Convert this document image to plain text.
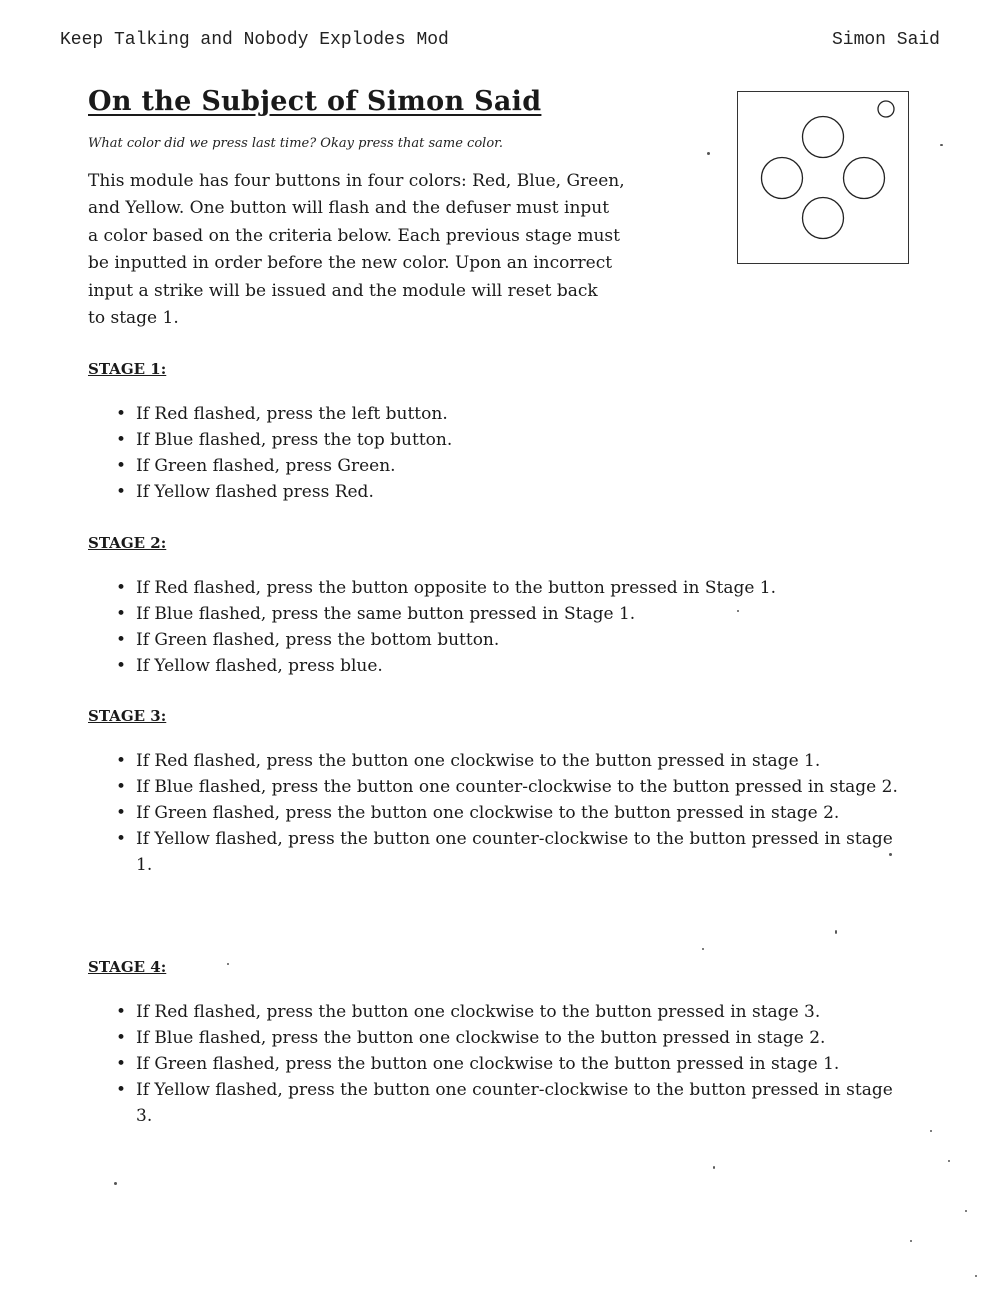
Keep Talking and Nobody Explodes Mod	Simon Said
On the Subject of Simon Said
What color did we press last time? Okay press that same color.
This module has four buttons in four colors: Red, Blue, Green,
and Yellow. One button will flash and the defuser must input
a color based on the criteria below. Each previous stage must
be inputted in order before the new color. Upon an incorrect
input a strike will be issued and the module will reset back
to stage 1.
STAGE 1:
• If Red flashed, press the left button.
• If Blue flashed, press the top button.
• If Green flashed, press Green.
• If Yellow flashed press Red.
STAGE 2:
• If Red flashed, press the button opposite to the button pressed in Stage 1.
• If Blue flashed, press the same button pressed in Stage 1.
• If Green flashed, press the bottom button.
• If Yellow flashed, press blue.
STAGE 3:
• If Red flashed, press the button one clockwise to the button pressed in stage 1.
• If Blue flashed, press the button one counter-clockwise to the button pressed in stage 2.
• If Green flashed, press the button one clockwise to the button pressed in stage 2.
• If Yellow flashed, press the button one counter-clockwise to the button pressed in stage 1.
STAGE 4:
• If Red flashed, press the button one clockwise to the button pressed in stage 3.
• If Blue flashed, press the button one clockwise to the button pressed in stage 2.
• If Green flashed, press the button one clockwise to the button pressed in stage 1.
• If Yellow flashed, press the button one counter-clockwise to the button pressed in stage 3.
